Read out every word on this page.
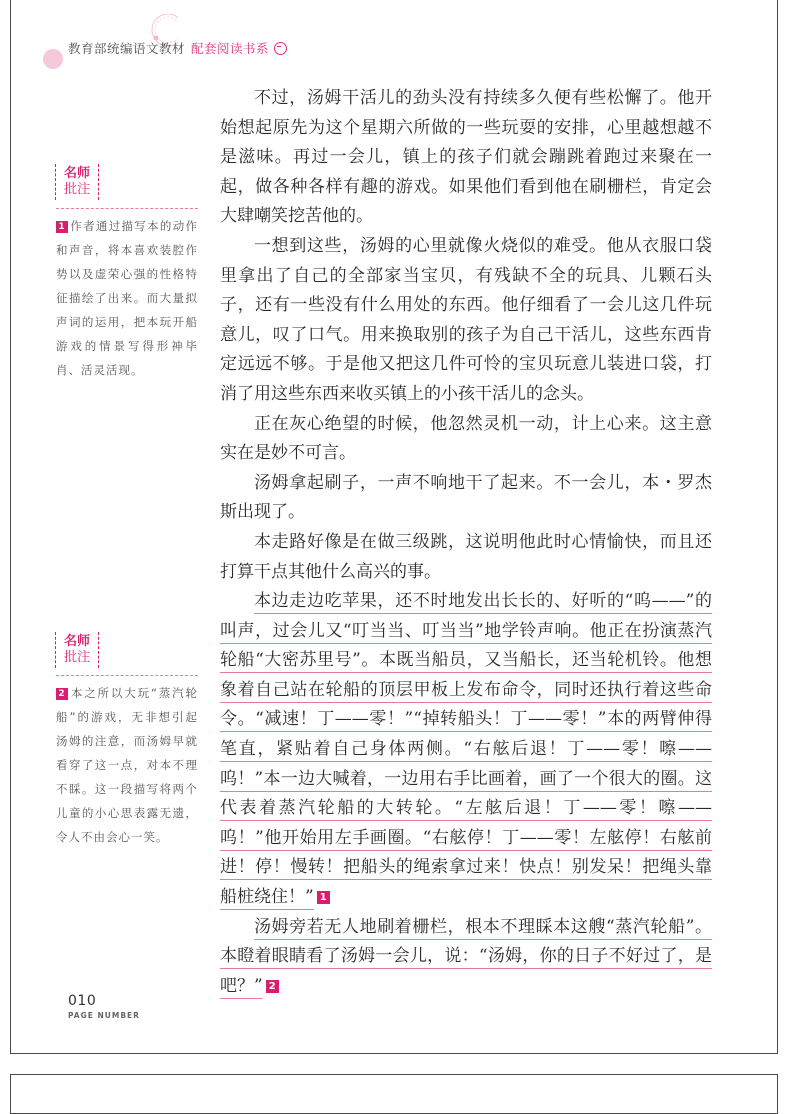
教育部统编语文教材 配套阅读书系

不过，汤姆干活儿的劲头没有持续多久便有些松懈了。他开始想起原先为这个星期六所做的一些玩耍的安排，心里越想越不是滋味。再过一会儿，镇上的孩子们就会蹦跳着跑过来聚在一起，做各种各样有趣的游戏。如果他们看到他在刷栅栏，肯定会大肆嘲笑挖苦他的。

一想到这些，汤姆的心里就像火烧似的难受。他从衣服口袋里拿出了自己的全部家当宝贝，有残缺不全的玩具、儿颗石头子，还有一些没有什么用处的东西。他仔细看了一会儿这几件玩意儿，叹了口气。用来换取别的孩子为自己干活儿，这些东西肯定远远不够。于是他又把这几件可怜的宝贝玩意儿装进口袋，打消了用这些东西来收买镇上的小孩干活儿的念头。

正在灰心绝望的时候，他忽然灵机一动，计上心来。这主意实在是妙不可言。

汤姆拿起刷子，一声不响地干了起来。不一会儿，本・罗杰斯出现了。

本走路好像是在做三级跳，这说明他此时心情愉快，而且还打算干点其他什么高兴的事。

本边走边吃苹果，还不时地发出长长的、好听的“呜——”的叫声，过会儿又“叮当当、叮当当”地学铃声响。他正在扮演蒸汽轮船“大密苏里号”。本既当船员，又当船长，还当轮机铃。他想象着自己站在轮船的顶层甲板上发布命令，同时还执行着这些命令。“减速！丁——零！”“掉转船头！丁——零！”本的两臂伸得笔直，紧贴着自己身体两侧。“右舷后退！丁——零！嚓——呜！”本一边大喊着，一边用右手比画着，画了一个很大的圈。这代表着蒸汽轮船的大转轮。“左舷后退！丁——零！嚓——呜！”他开始用左手画圈。“右舷停！丁——零！左舷停！右舷前进！停！慢转！把船头的绳索拿过来！快点！别发呆！把绳头靠船桩绕住！” 1

汤姆旁若无人地刷着栅栏，根本不理睬本这艘“蒸汽轮船”。本瞪着眼睛看了汤姆一会儿，说：“汤姆，你的日子不好过了，是吧？” 2

名师
批注
1 作者通过描写本的动作和声音，将本喜欢装腔作势以及虚荣心强的性格特征描绘了出来。而大量拟声词的运用，把本玩开船游戏的情景写得形神毕肖、活灵活现。
名师
批注
2 本之所以大玩“蒸汽轮船”的游戏，无非想引起汤姆的注意，而汤姆早就看穿了这一点，对本不理不睬。这一段描写将两个儿童的小心思表露无遗，令人不由会心一笑。
010
PAGE NUMBER
